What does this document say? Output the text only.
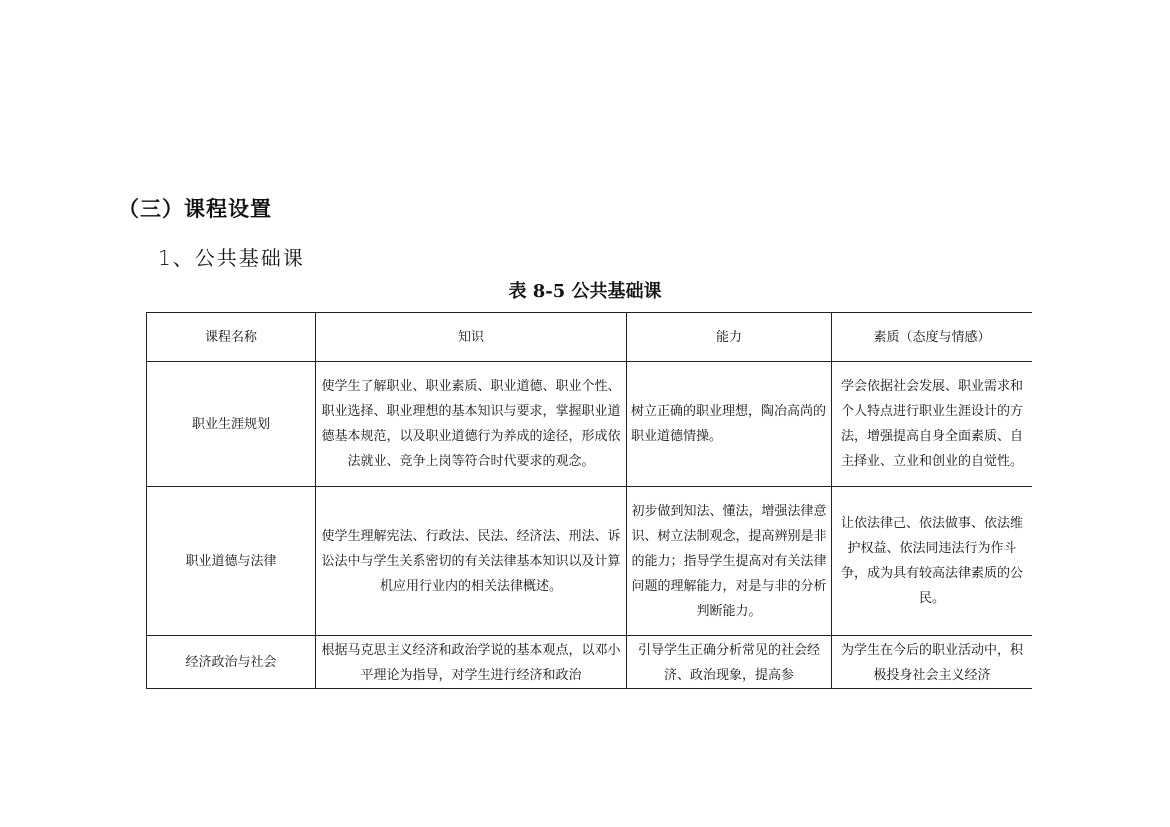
（三）课程设置
1、公共基础课
表 8-5 公共基础课
课程名称	知识	能力	素质（态度与情感）
职业生涯规划	使学生了解职业、职业素质、职业道德、职业个性、职业选择、职业理想的基本知识与要求，掌握职业道德基本规范，以及职业道德行为养成的途径，形成依法就业、竞争上岗等符合时代要求的观念。	树立正确的职业理想，陶冶高尚的职业道德情操。	学会依据社会发展、职业需求和个人特点进行职业生涯设计的方法，增强提高自身全面素质、自主择业、立业和创业的自觉性。
职业道德与法律	使学生理解宪法、行政法、民法、经济法、刑法、诉讼法中与学生关系密切的有关法律基本知识以及计算机应用行业内的相关法律概述。	初步做到知法、懂法，增强法律意识、树立法制观念，提高辨别是非的能力；指导学生提高对有关法律问题的理解能力，对是与非的分析判断能力。	让依法律己、依法做事、依法维护权益、依法同违法行为作斗争，成为具有较高法律素质的公民。
经济政治与社会	根据马克思主义经济和政治学说的基本观点，以邓小平理论为指导，对学生进行经济和政治	引导学生正确分析常见的社会经济、政治现象，提高参	为学生在今后的职业活动中，积极投身社会主义经济
